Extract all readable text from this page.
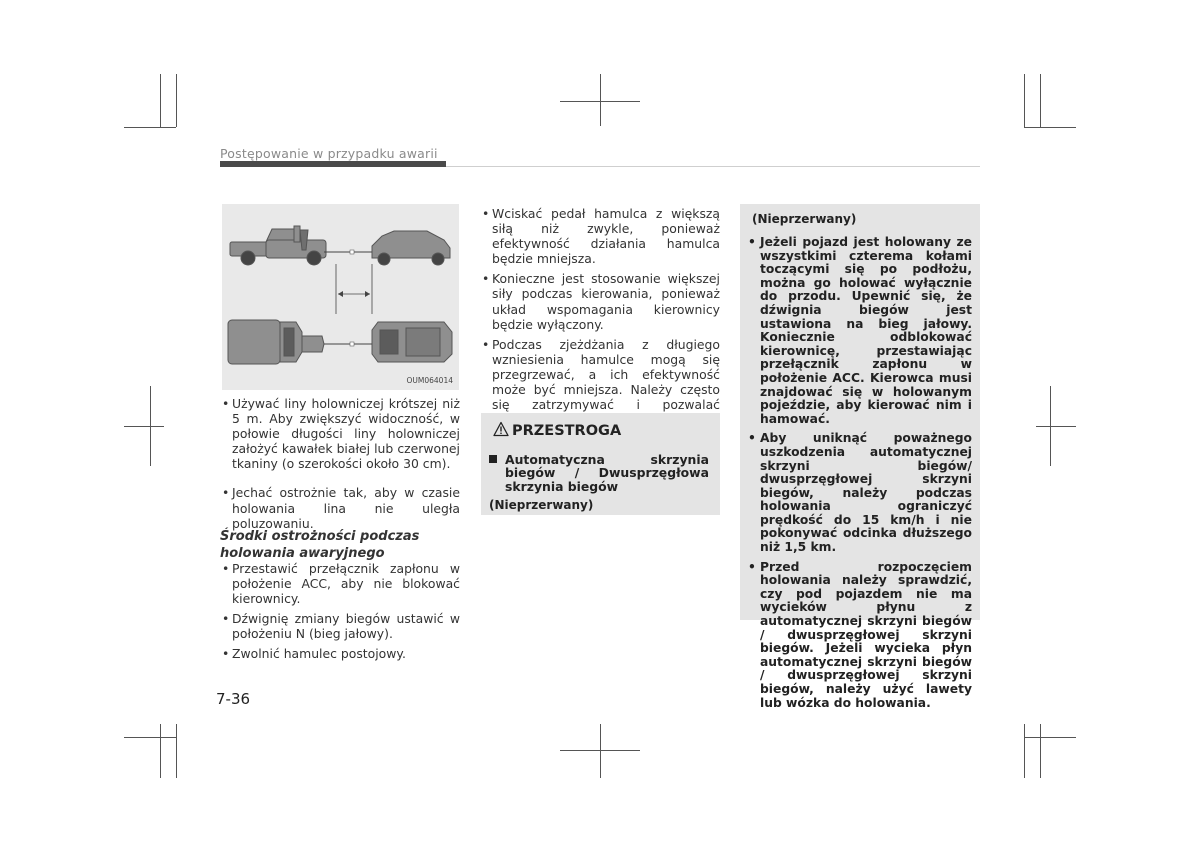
Postępowanie w przypadku awarii
OUM064014
• Używać liny holowniczej krótszej niż 5 m. Aby zwiększyć widoczność, w połowie długości liny holowniczej założyć kawałek białej lub czerwonej tkaniny (o szerokości około 30 cm).
• Jechać ostrożnie tak, aby w czasie holowania lina nie uległa poluzowaniu.
Środki ostrożności podczas
holowania awaryjnego
• Przestawić przełącznik zapłonu w położenie ACC, aby nie blokować kierownicy.
• Dźwignię zmiany biegów ustawić w położeniu N (bieg jałowy).
• Zwolnić hamulec postojowy.
• Wciskać pedał hamulca z większą siłą niż zwykle, ponieważ efektywność działania hamulca będzie mniejsza.
• Konieczne jest stosowanie większej siły podczas kierowania, ponieważ układ wspomagania kierownicy będzie wyłączony.
• Podczas zjeżdżania z długiego wzniesienia hamulce mogą się przegrzewać, a ich efektywność może być mniejsza. Należy często się zatrzymywać i pozwalać
PRZESTROGA
Automatyczna skrzynia biegów / Dwusprzęgłowa skrzynia biegów
(Nieprzerwany)
(Nieprzerwany)
• Jeżeli pojazd jest holowany ze wszystkimi czterema kołami toczącymi się po podłożu, można go holować wyłącznie do przodu. Upewnić się, że dźwignia biegów jest ustawiona na bieg jałowy. Koniecznie odblokować kierownicę, przestawiając przełącznik zapłonu w położenie ACC. Kierowca musi znajdować się w holowanym pojeździe, aby kierować nim i hamować.
• Aby uniknąć poważnego uszkodzenia automatycznej skrzyni biegów/ dwusprzęgłowej skrzyni biegów, należy podczas holowania ograniczyć prędkość do 15 km/h i nie pokonywać odcinka dłuższego niż 1,5 km.
• Przed rozpoczęciem holowania należy sprawdzić, czy pod pojazdem nie ma wycieków płynu z automatycznej skrzyni biegów / dwusprzęgłowej skrzyni biegów. Jeżeli wycieka płyn automatycznej skrzyni biegów / dwusprzęgłowej skrzyni biegów, należy użyć lawety lub wózka do holowania.
7-36
